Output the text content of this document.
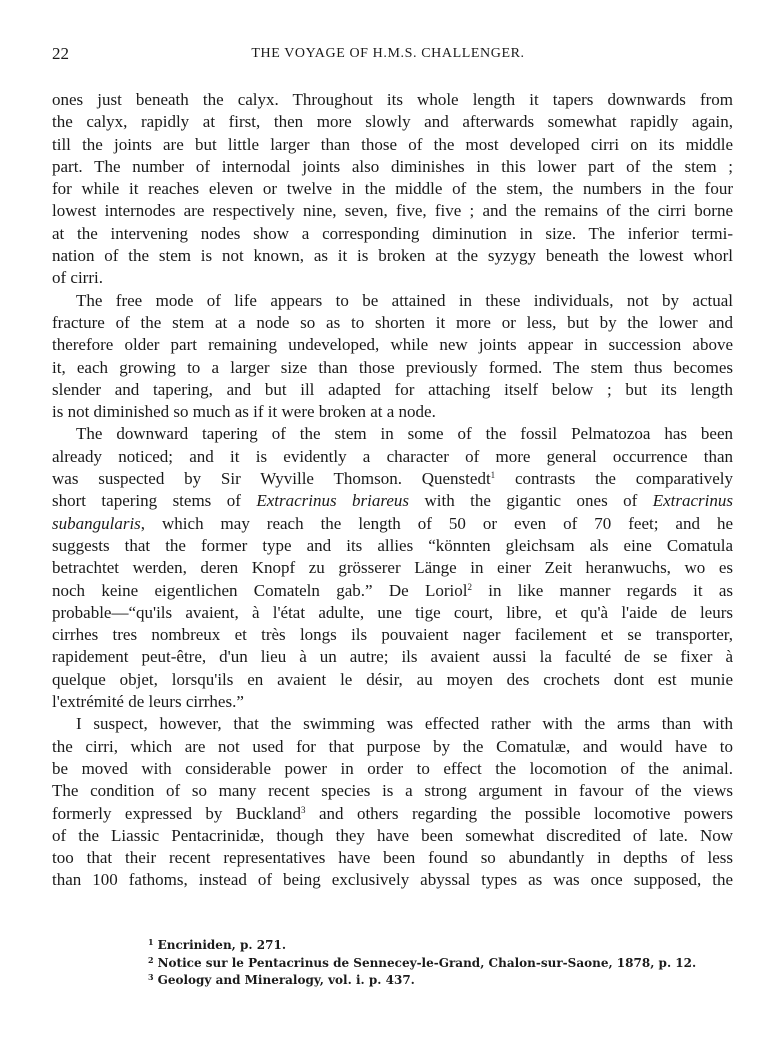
22	THE VOYAGE OF H.M.S. CHALLENGER.
ones just beneath the calyx. Throughout its whole length it tapers downwards from
the calyx, rapidly at first, then more slowly and afterwards somewhat rapidly again,
till the joints are but little larger than those of the most developed cirri on its middle
part. The number of internodal joints also diminishes in this lower part of the stem ;
for while it reaches eleven or twelve in the middle of the stem, the numbers in the four
lowest internodes are respectively nine, seven, five, five ; and the remains of the cirri borne
at the intervening nodes show a corresponding diminution in size. The inferior termi-
nation of the stem is not known, as it is broken at the syzygy beneath the lowest whorl
of cirri.
The free mode of life appears to be attained in these individuals, not by actual
fracture of the stem at a node so as to shorten it more or less, but by the lower and
therefore older part remaining undeveloped, while new joints appear in succession above
it, each growing to a larger size than those previously formed. The stem thus becomes
slender and tapering, and but ill adapted for attaching itself below ; but its length
is not diminished so much as if it were broken at a node.
The downward tapering of the stem in some of the fossil Pelmatozoa has been
already noticed; and it is evidently a character of more general occurrence than
was suspected by Sir Wyville Thomson. Quenstedt$^1$ contrasts the comparatively
short tapering stems of Extracrinus briareus with the gigantic ones of Extracrinus
subangularis, which may reach the length of 50 or even of 70 feet; and he
suggests that the former type and its allies “könnten gleichsam als eine Comatula
betrachtet werden, deren Knopf zu grösserer Länge in einer Zeit heranwuchs, wo es
noch keine eigentlichen Comateln gab.” De Loriol$^2$ in like manner regards it as
probable—“qu'ils avaient, à l'état adulte, une tige court, libre, et qu'à l'aide de leurs
cirrhes tres nombreux et très longs ils pouvaient nager facilement et se transporter,
rapidement peut-être, d'un lieu à un autre; ils avaient aussi la faculté de se fixer à
quelque objet, lorsqu'ils en avaient le désir, au moyen des crochets dont est munie
l'extrémité de leurs cirrhes.”
I suspect, however, that the swimming was effected rather with the arms than with
the cirri, which are not used for that purpose by the Comatulæ, and would have to
be moved with considerable power in order to effect the locomotion of the animal.
The condition of so many recent species is a strong argument in favour of the views
formerly expressed by Buckland$^3$ and others regarding the possible locomotive powers
of the Liassic Pentacrinidæ, though they have been somewhat discredited of late. Now
too that their recent representatives have been found so abundantly in depths of less
than 100 fathoms, instead of being exclusively abyssal types as was once supposed, the
$^1$ Encriniden, p. 271.
$^2$ Notice sur le Pentacrinus de Sennecey-le-Grand, Chalon-sur-Saone, 1878, p. 12.
$^3$ Geology and Mineralogy, vol. i. p. 437.
